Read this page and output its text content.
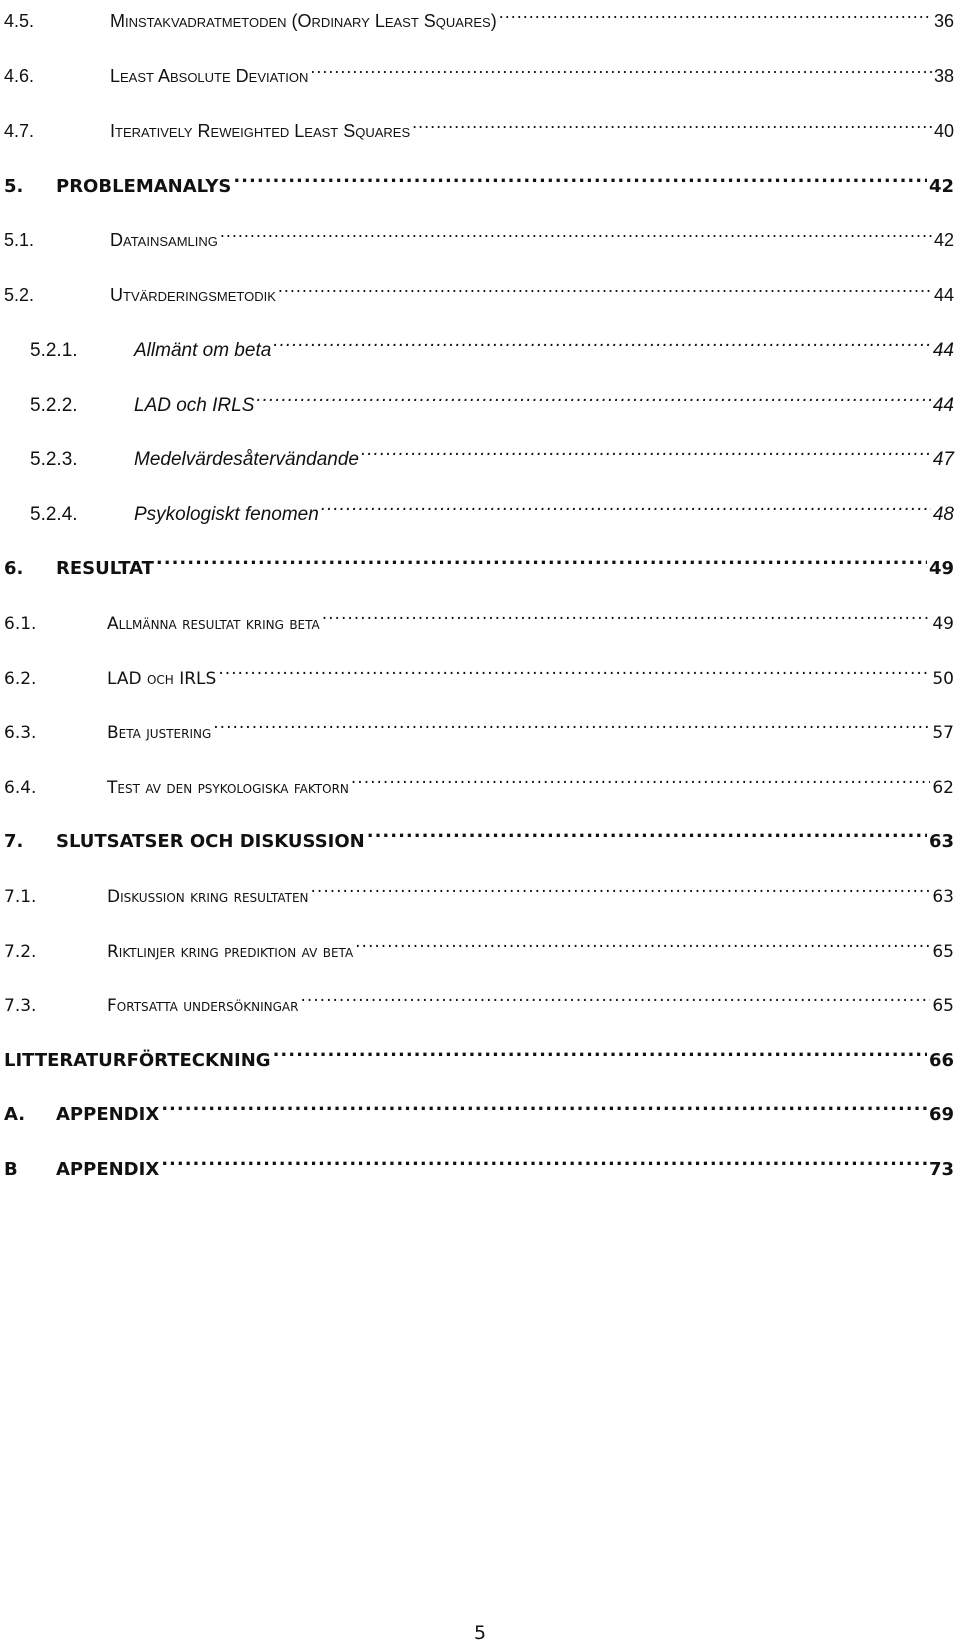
4.5.	Minstakvadratmetoden (Ordinary Least Squares) .....	36
4.6.	Least Absolute Deviation .....	38
4.7.	Iteratively Reweighted Least Squares .....	40
5.	PROBLEMANALYS .....	42
5.1.	Datainsamling .....	42
5.2.	Utvärderingsmetodik .....	44
5.2.1.	Allmänt om beta .....	44
5.2.2.	LAD och IRLS .....	44
5.2.3.	Medelvärdesåtervändande .....	47
5.2.4.	Psykologiskt fenomen .....	48
6.	RESULTAT .....	49
6.1.	Allmänna resultat kring beta .....	49
6.2.	LAD och IRLS .....	50
6.3.	Beta justering .....	57
6.4.	Test av den psykologiska faktorn .....	62
7.	SLUTSATSER OCH DISKUSSION .....	63
7.1.	Diskussion kring resultaten .....	63
7.2.	Riktlinjer kring prediktion av beta .....	65
7.3.	Fortsatta undersökningar .....	65
LITTERATURFÖRTECKNING .....	66
A.	APPENDIX .....	69
B	APPENDIX .....	73
5
